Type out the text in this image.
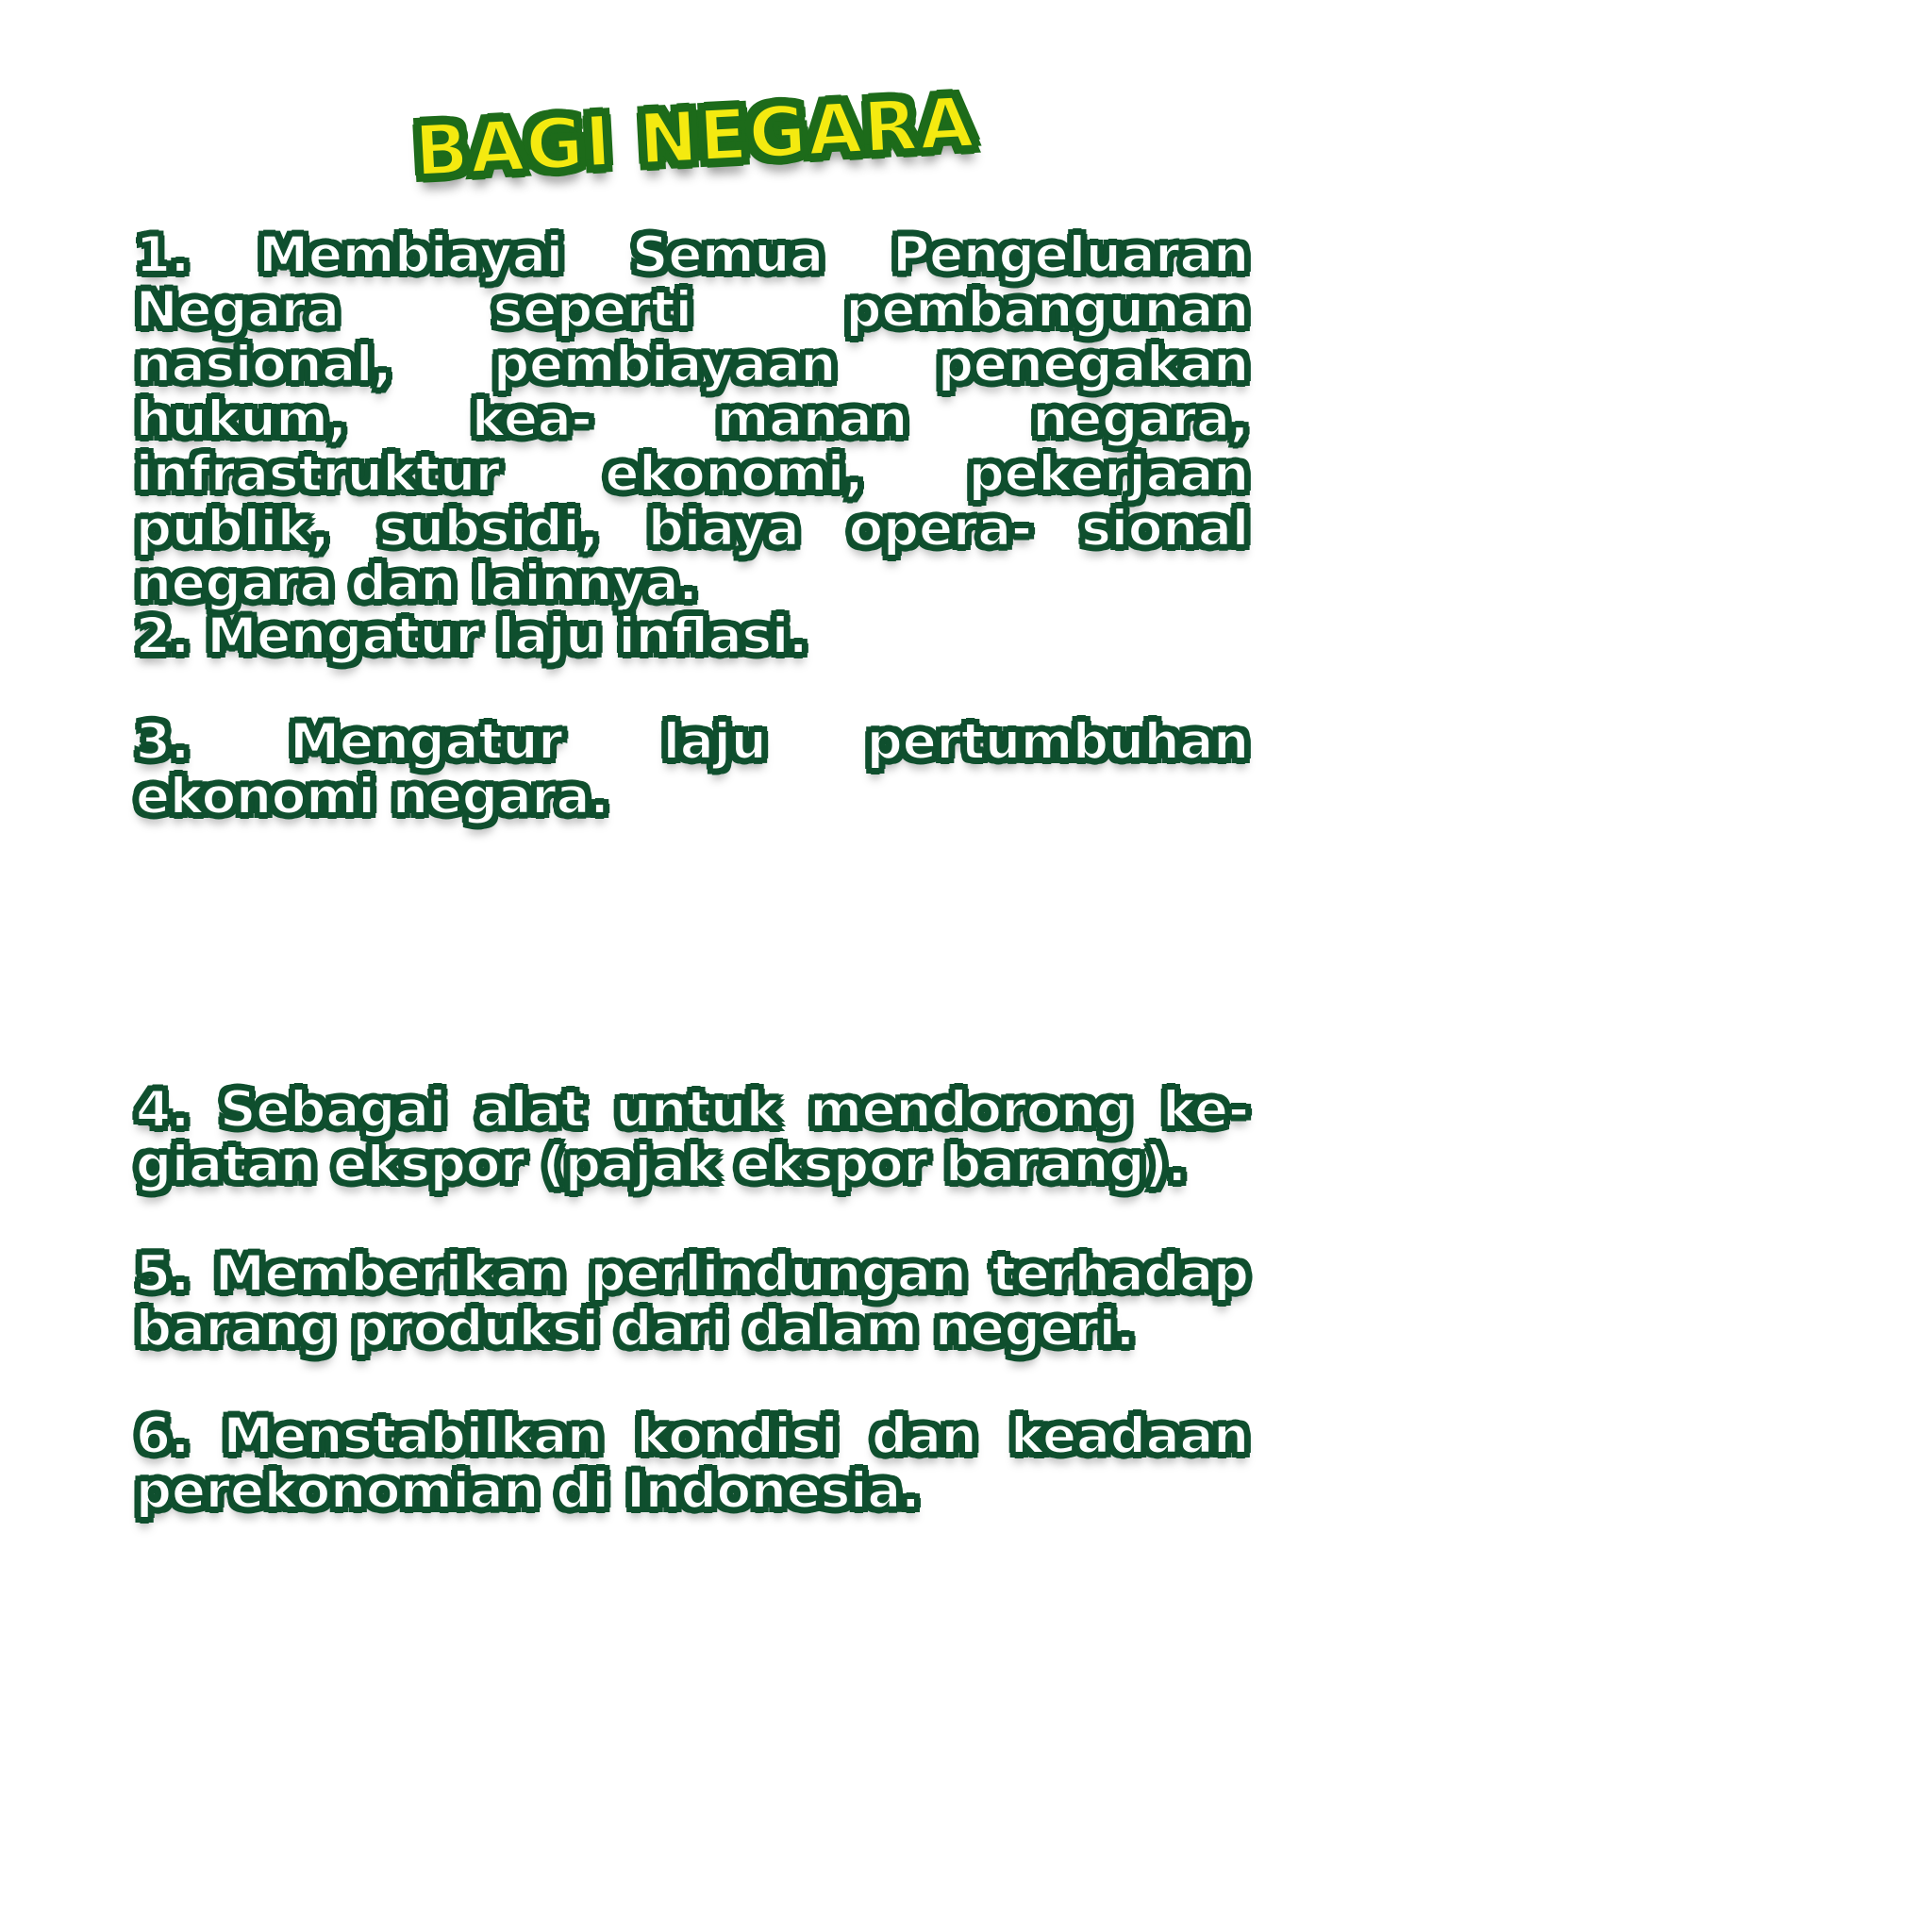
BAGI NEGARA

1. Membiayai Semua Pengeluaran Negara seperti pembangunan nasional, pembiayaan penegakan hukum, kea- manan negara, infrastruktur ekonomi, pekerjaan publik, subsidi, biaya opera- sional negara dan lainnya.

2. Mengatur laju inflasi.

3. Mengatur laju pertumbuhan ekonomi negara.

4. Sebagai alat untuk mendorong ke- giatan ekspor (pajak ekspor barang).

5. Memberikan perlindungan terhadap barang produksi dari dalam negeri.

6. Menstabilkan kondisi dan keadaan perekonomian di Indonesia.
